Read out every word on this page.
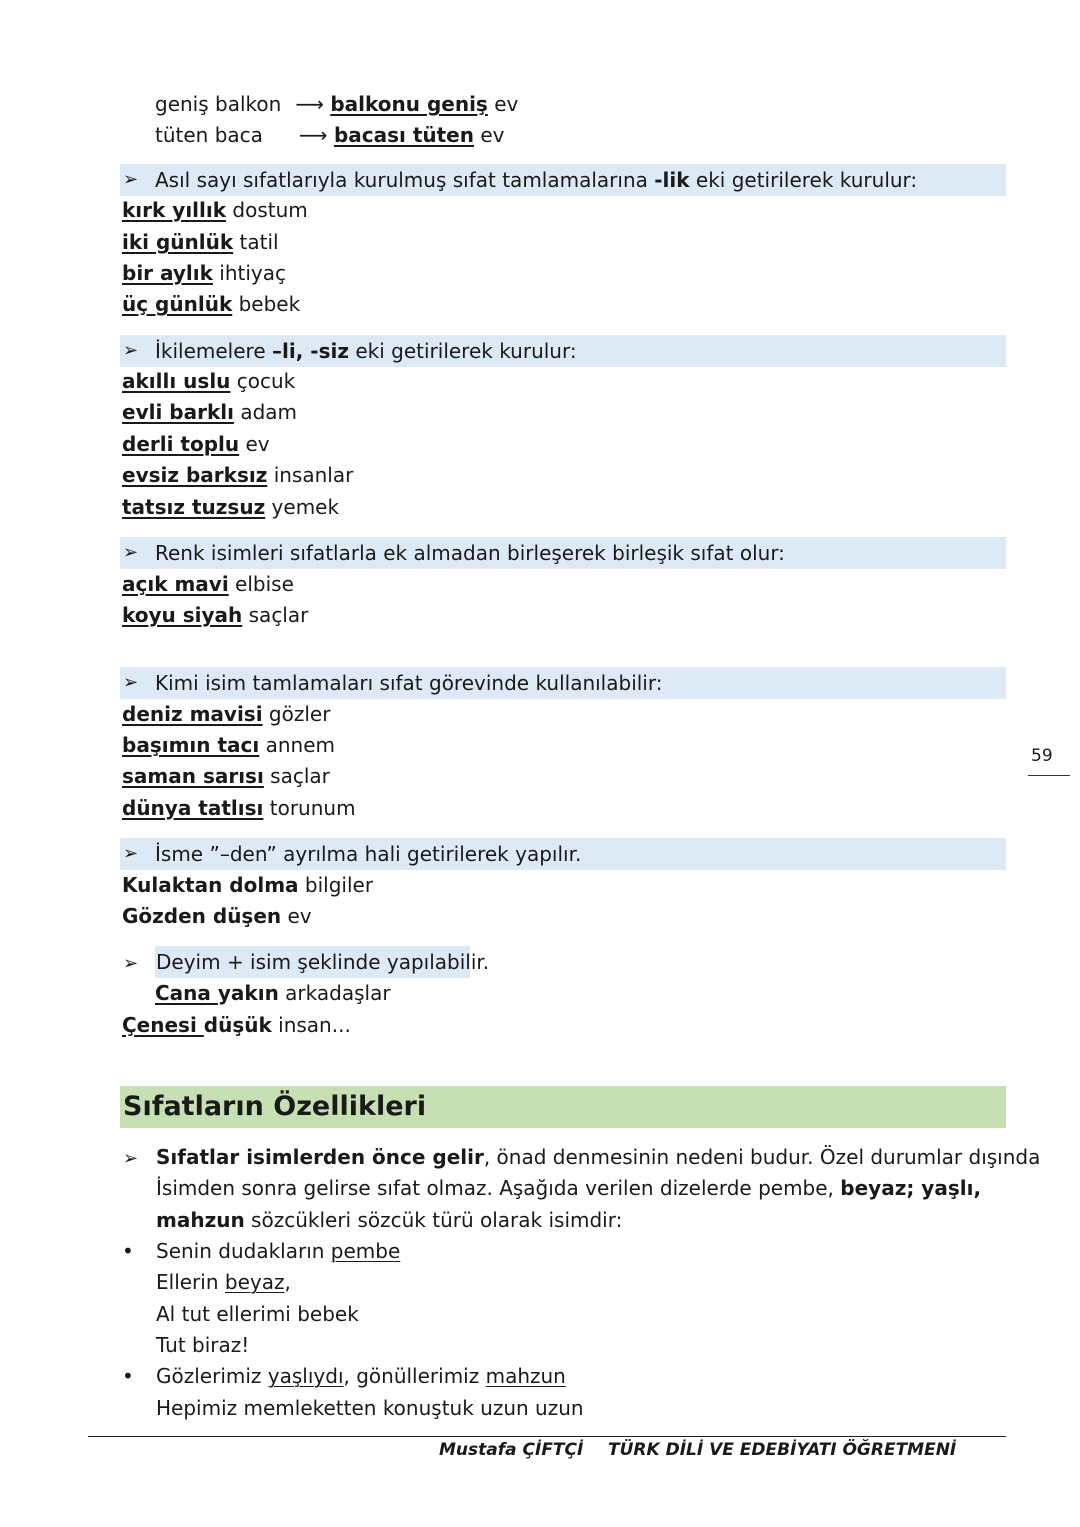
geniş balkon ⟶ balkonu geniş ev
tüten baca ⟶ bacası tüten ev
➢ Asıl sayı sıfatlarıyla kurulmuş sıfat tamlamalarına -lik eki getirilerek kurulur:
kırk yıllık dostum
iki günlük tatil
bir aylık ihtiyaç
üç günlük bebek
➢ İkilemelere –li, -siz eki getirilerek kurulur:
akıllı uslu çocuk
evli barklı adam
derli toplu ev
evsiz barksız insanlar
tatsız tuzsuz yemek
➢ Renk isimleri sıfatlarla ek almadan birleşerek birleşik sıfat olur:
açık mavi elbise
koyu siyah saçlar
➢ Kimi isim tamlamaları sıfat görevinde kullanılabilir:
deniz mavisi gözler
başımın tacı annem
saman sarısı saçlar
dünya tatlısı torunum
59
➢ İsme ”–den” ayrılma hali getirilerek yapılır.
Kulaktan dolma bilgiler
Gözden düşen ev
➢ Deyim + isim şeklinde yapılabilir.
Cana yakın arkadaşlar
Çenesi düşük insan...
Sıfatların Özellikleri
➢ Sıfatlar isimlerden önce gelir, önad denmesinin nedeni budur. Özel durumlar dışında
İsimden sonra gelirse sıfat olmaz. Aşağıda verilen dizelerde pembe, beyaz; yaşlı,
mahzun sözcükleri sözcük türü olarak isimdir:
• Senin dudakların pembe
Ellerin beyaz,
Al tut ellerimi bebek
Tut biraz!
• Gözlerimiz yaşlıydı, gönüllerimiz mahzun
Hepimiz memleketten konuştuk uzun uzun
Mustafa ÇİFTÇİ TÜRK DİLİ VE EDEBİYATI ÖĞRETMENİ
